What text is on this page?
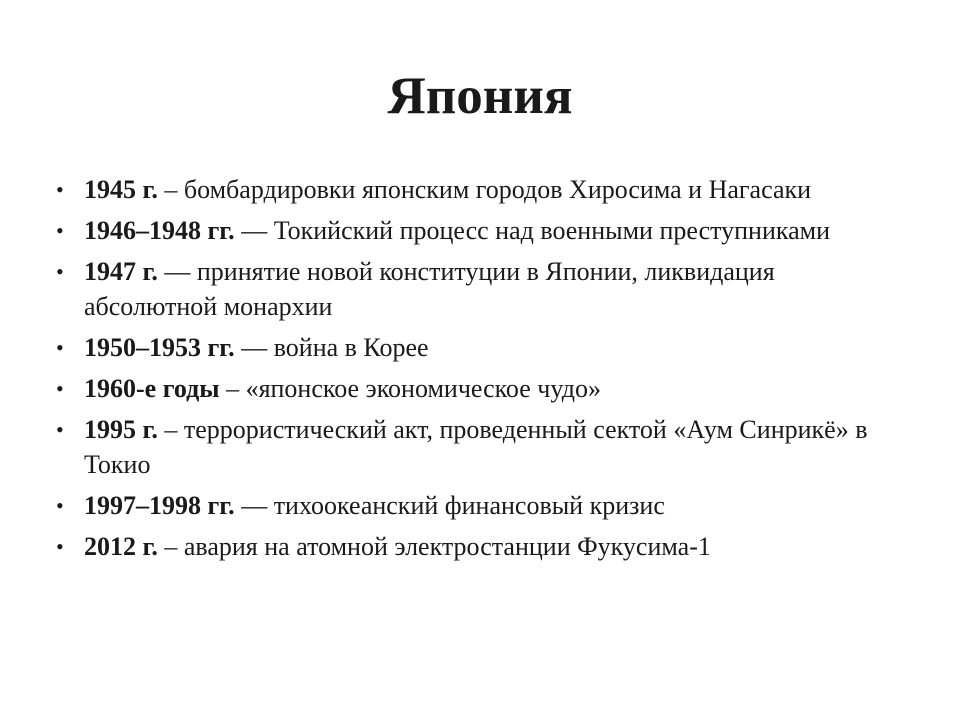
Япония
• 1945 г. – бомбардировки японским городов Хиросима и Нагасаки
• 1946–1948 гг. — Токийский процесс над военными преступниками
• 1947 г. — принятие новой конституции в Японии, ликвидация абсолютной монархии
• 1950–1953 гг. — война в Корее
• 1960-е годы – «японское экономическое чудо»
• 1995 г. – террористический акт, проведенный сектой «Аум Синрикё» в Токио
• 1997–1998 гг. — тихоокеанский финансовый кризис
• 2012 г. – авария на атомной электростанции Фукусима-1
